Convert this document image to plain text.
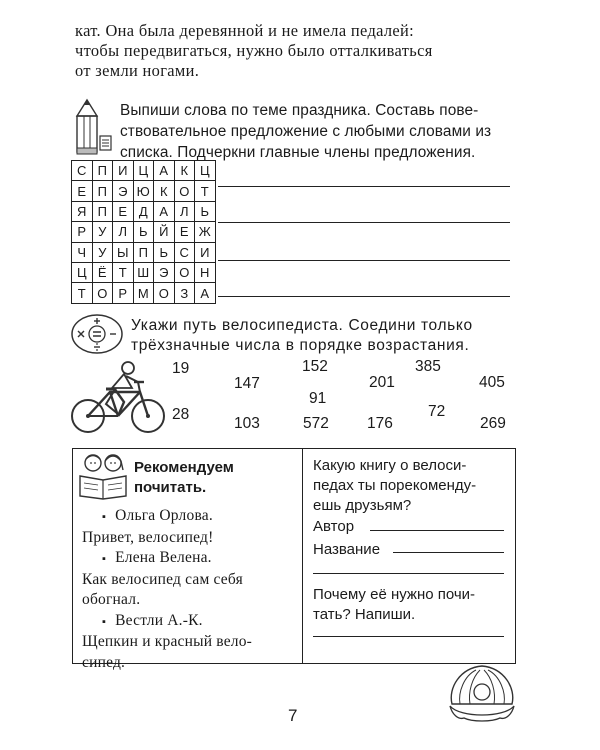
кат. Она была деревянной и не имела педалей:
чтобы передвигаться, нужно было отталкиваться
от земли ногами.
Выпиши слова по теме праздника. Составь пове-
ствовательное предложение с любыми словами из
списка. Подчеркни главные члены предложения.
С	П	И	Ц	А	К	Ц
Е	П	Э	Ю	К	О	Т
Я	П	Е	Д	А	Л	Ь
Р	У	Л	Ь	Й	Е	Ж
Ч	У	Ы	П	Ь	С	И
Ц	Ё	Т	Ш	Э	О	Н
Т	О	Р	М	О	З	А
Укажи путь велосипедиста. Соедини только
трёхзначные числа в порядке возрастания.
19
147
152
91
201
385
405
28
103	572 176
72
269
Рекомендуем
почитать.
▪ Ольга Орлова.
Привет, велосипед!
▪ Елена Велена.
Как велосипед сам себя
обогнал.
▪ Вестли А.-К.
Щепкин и красный вело-
сипед.
Какую книгу о велоси-
педах ты порекоменду-
ешь друзьям?
Автор
Название
Почему её нужно почи-
тать? Напиши.
7
